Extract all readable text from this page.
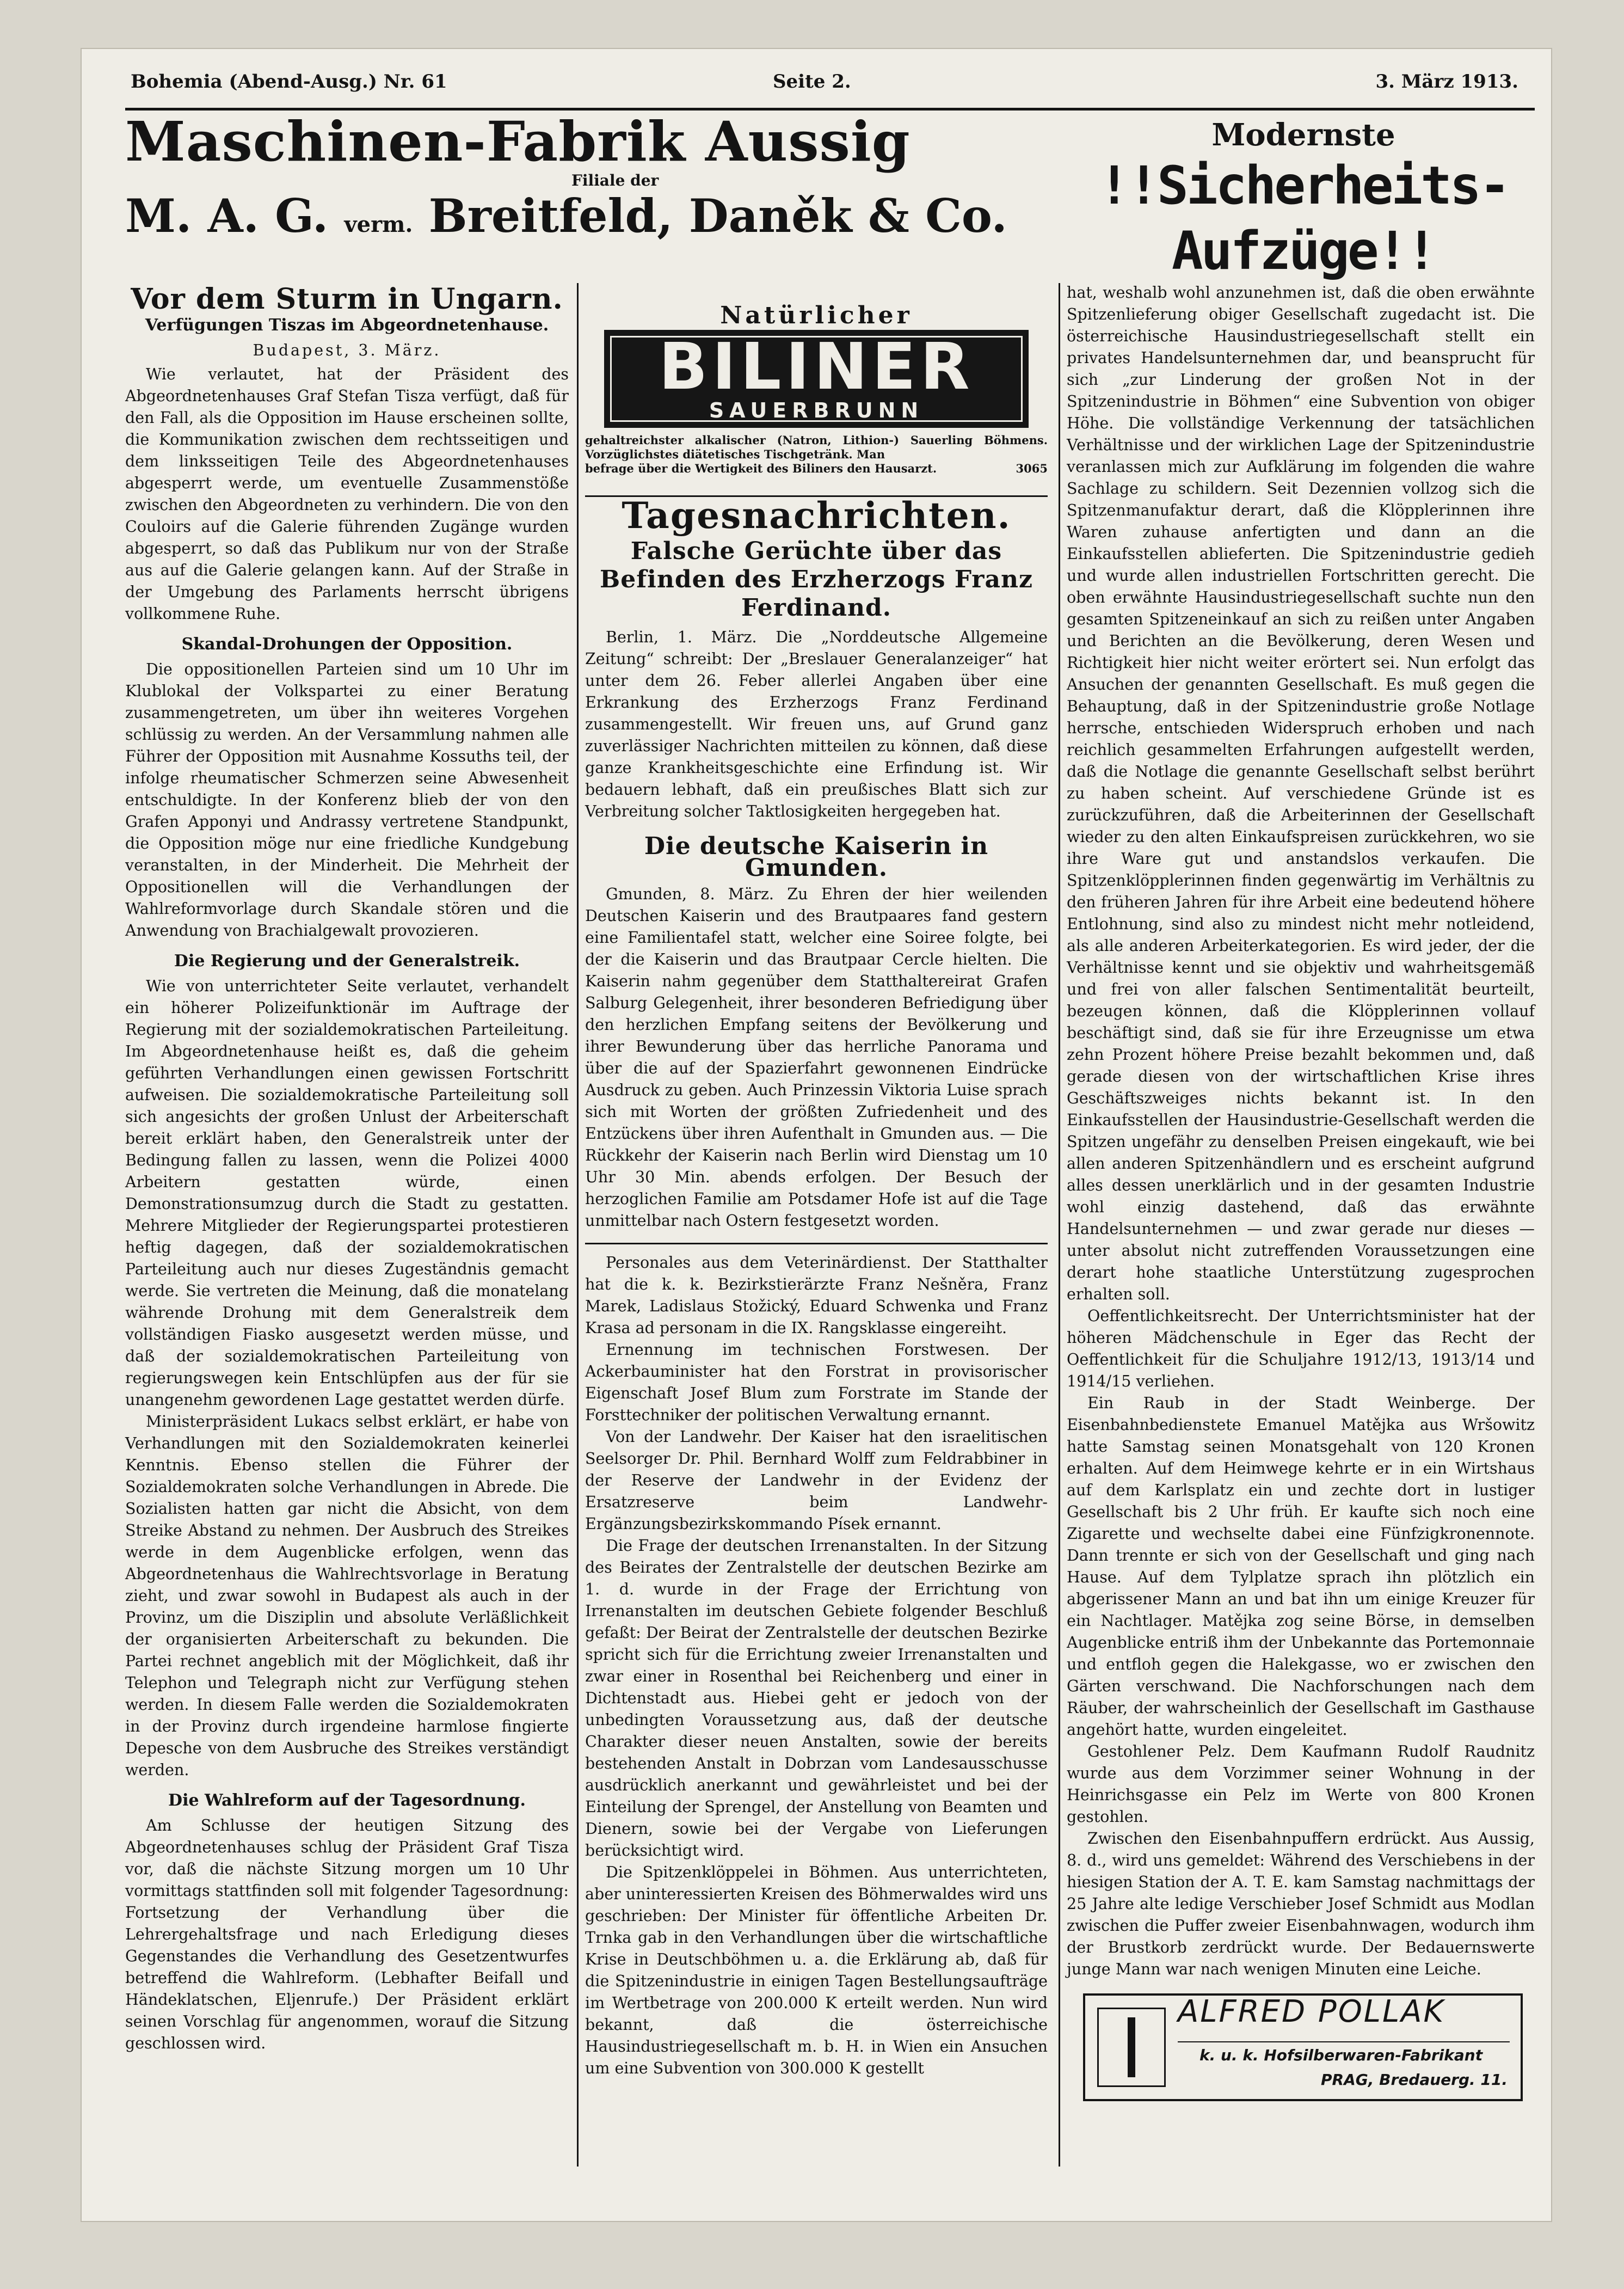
Bohemia (Abend-Ausg.) Nr. 61	Seite 2.	3. März 1913.
Maschinen-Fabrik Aussig
Filiale der
M. A. G. verm. Breitfeld, Daněk & Co.
Modernste
!!Sicherheits-Aufzüge!!
Vor dem Sturm in Ungarn.
Verfügungen Tiszas im Abgeordnetenhause.
Budapest, 3. März.

Wie verlautet, hat der Präsident des Abgeordnetenhauses Graf Stefan Tisza verfügt, daß für den Fall, als die Opposition im Hause erscheinen sollte, die Kommunikation zwischen dem rechtsseitigen und dem linksseitigen Teile des Abgeordnetenhauses abgesperrt werde, um eventuelle Zusammenstöße zwischen den Abgeordneten zu verhindern. Die von den Couloirs auf die Galerie führenden Zugänge wurden abgesperrt, so daß das Publikum nur von der Straße aus auf die Galerie gelangen kann. Auf der Straße in der Umgebung des Parlaments herrscht übrigens vollkommene Ruhe.

Skandal-Drohungen der Opposition.

Die oppositionellen Parteien sind um 10 Uhr im Klublokal der Volkspartei zu einer Beratung zusammengetreten, um über ihn weiteres Vorgehen schlüssig zu werden. An der Versammlung nahmen alle Führer der Opposition mit Ausnahme Kossuths teil, der infolge rheumatischer Schmerzen seine Abwesenheit entschuldigte. In der Konferenz blieb der von den Grafen Apponyi und Andrassy vertretene Standpunkt, die Opposition möge nur eine friedliche Kundgebung veranstalten, in der Minderheit. Die Mehrheit der Oppositionellen will die Verhandlungen der Wahlreformvorlage durch Skandale stören und die Anwendung von Brachialgewalt provozieren.

Die Regierung und der Generalstreik.

Wie von unterrichteter Seite verlautet, verhandelt ein höherer Polizeifunktionär im Auftrage der Regierung mit der sozialdemokratischen Parteileitung. Im Abgeordnetenhause heißt es, daß die geheim geführten Verhandlungen einen gewissen Fortschritt aufweisen. Die sozialdemokratische Parteileitung soll sich angesichts der großen Unlust der Arbeiterschaft bereit erklärt haben, den Generalstreik unter der Bedingung fallen zu lassen, wenn die Polizei 4000 Arbeitern gestatten würde, einen Demonstrationsumzug durch die Stadt zu gestatten. Mehrere Mitglieder der Regierungspartei protestieren heftig dagegen, daß der sozialdemokratischen Parteileitung auch nur dieses Zugeständnis gemacht werde. Sie vertreten die Meinung, daß die monatelang währende Drohung mit dem Generalstreik dem vollständigen Fiasko ausgesetzt werden müsse, und daß der sozialdemokratischen Parteileitung von regierungswegen kein Entschlüpfen aus der für sie unangenehm gewordenen Lage gestattet werden dürfe.

Ministerpräsident Lukacs selbst erklärt, er habe von Verhandlungen mit den Sozialdemokraten keinerlei Kenntnis. Ebenso stellen die Führer der Sozialdemokraten solche Verhandlungen in Abrede. Die Sozialisten hatten gar nicht die Absicht, von dem Streike Abstand zu nehmen. Der Ausbruch des Streikes werde in dem Augenblicke erfolgen, wenn das Abgeordnetenhaus die Wahlrechtsvorlage in Beratung zieht, und zwar sowohl in Budapest als auch in der Provinz, um die Disziplin und absolute Verläßlichkeit der organisierten Arbeiterschaft zu bekunden. Die Partei rechnet angeblich mit der Möglichkeit, daß ihr Telephon und Telegraph nicht zur Verfügung stehen werden. In diesem Falle werden die Sozialdemokraten in der Provinz durch irgendeine harmlose fingierte Depesche von dem Ausbruche des Streikes verständigt werden.

Die Wahlreform auf der Tagesordnung.

Am Schlusse der heutigen Sitzung des Abgeordnetenhauses schlug der Präsident Graf Tisza vor, daß die nächste Sitzung morgen um 10 Uhr vormittags stattfinden soll mit folgender Tagesordnung: Fortsetzung der Verhandlung über die Lehrergehaltsfrage und nach Erledigung dieses Gegenstandes die Verhandlung des Gesetzentwurfes betreffend die Wahlreform. (Lebhafter Beifall und Händeklatschen, Eljenrufe.) Der Präsident erklärt seinen Vorschlag für angenommen, worauf die Sitzung geschlossen wird.

Natürlicher
BILINER
SAUERBRUNN
gehaltreichster alkalischer (Natron, Lithion-) Sauerling Böhmens. Vorzüglichstes diätetisches Tischgetränk. Man
befrage über die Wertigkeit des Biliners den Hausarzt.	3065
Tagesnachrichten.
Falsche Gerüchte über das Befinden des Erzherzogs Franz Ferdinand.

Berlin, 1. März. Die „Norddeutsche Allgemeine Zeitung“ schreibt: Der „Breslauer Generalanzeiger“ hat unter dem 26. Feber allerlei Angaben über eine Erkrankung des Erzherzogs Franz Ferdinand zusammengestellt. Wir freuen uns, auf Grund ganz zuverlässiger Nachrichten mitteilen zu können, daß diese ganze Krankheitsgeschichte eine Erfindung ist. Wir bedauern lebhaft, daß ein preußisches Blatt sich zur Verbreitung solcher Taktlosigkeiten hergegeben hat.

Die deutsche Kaiserin in Gmunden.

Gmunden, 8. März. Zu Ehren der hier weilenden Deutschen Kaiserin und des Brautpaares fand gestern eine Familientafel statt, welcher eine Soiree folgte, bei der die Kaiserin und das Brautpaar Cercle hielten. Die Kaiserin nahm gegenüber dem Statthaltereirat Grafen Salburg Gelegenheit, ihrer besonderen Befriedigung über den herzlichen Empfang seitens der Bevölkerung und ihrer Bewunderung über das herrliche Panorama und über die auf der Spazierfahrt gewonnenen Eindrücke Ausdruck zu geben. Auch Prinzessin Viktoria Luise sprach sich mit Worten der größten Zufriedenheit und des Entzückens über ihren Aufenthalt in Gmunden aus. — Die Rückkehr der Kaiserin nach Berlin wird Dienstag um 10 Uhr 30 Min. abends erfolgen. Der Besuch der herzoglichen Familie am Potsdamer Hofe ist auf die Tage unmittelbar nach Ostern festgesetzt worden.

Personales aus dem Veterinärdienst. Der Statthalter hat die k. k. Bezirkstierärzte Franz Nešněra, Franz Marek, Ladislaus Stožický, Eduard Schwenka und Franz Krasa ad personam in die IX. Rangsklasse eingereiht.

Ernennung im technischen Forstwesen. Der Ackerbauminister hat den Forstrat in provisorischer Eigenschaft Josef Blum zum Forstrate im Stande der Forsttechniker der politischen Verwaltung ernannt.

Von der Landwehr. Der Kaiser hat den israelitischen Seelsorger Dr. Phil. Bernhard Wolff zum Feldrabbiner in der Reserve der Landwehr in der Evidenz der Ersatzreserve beim Landwehr-Ergänzungsbezirkskommando Písek ernannt.

Die Frage der deutschen Irrenanstalten. In der Sitzung des Beirates der Zentralstelle der deutschen Bezirke am 1. d. wurde in der Frage der Errichtung von Irrenanstalten im deutschen Gebiete folgender Beschluß gefaßt: Der Beirat der Zentralstelle der deutschen Bezirke spricht sich für die Errichtung zweier Irrenanstalten und zwar einer in Rosenthal bei Reichenberg und einer in Dichtenstadt aus. Hiebei geht er jedoch von der unbedingten Voraussetzung aus, daß der deutsche Charakter dieser neuen Anstalten, sowie der bereits bestehenden Anstalt in Dobrzan vom Landesausschusse ausdrücklich anerkannt und gewährleistet und bei der Einteilung der Sprengel, der Anstellung von Beamten und Dienern, sowie bei der Vergabe von Lieferungen berücksichtigt wird.

Die Spitzenklöppelei in Böhmen. Aus unterrichteten, aber uninteressierten Kreisen des Böhmerwaldes wird uns geschrieben: Der Minister für öffentliche Arbeiten Dr. Trnka gab in den Verhandlungen über die wirtschaftliche Krise in Deutschböhmen u. a. die Erklärung ab, daß für die Spitzenindustrie in einigen Tagen Bestellungsaufträge im Wertbetrage von 200.000 K erteilt werden. Nun wird bekannt, daß die österreichische Hausindustriegesellschaft m. b. H. in Wien ein Ansuchen um eine Subvention von 300.000 K gestellt

hat, weshalb wohl anzunehmen ist, daß die oben erwähnte Spitzenlieferung obiger Gesellschaft zugedacht ist. Die österreichische Hausindustriegesellschaft stellt ein privates Handelsunternehmen dar, und beansprucht für sich „zur Linderung der großen Not in der Spitzenindustrie in Böhmen“ eine Subvention von obiger Höhe. Die vollständige Verkennung der tatsächlichen Verhältnisse und der wirklichen Lage der Spitzenindustrie veranlassen mich zur Aufklärung im folgenden die wahre Sachlage zu schildern. Seit Dezennien vollzog sich die Spitzenmanufaktur derart, daß die Klöpplerinnen ihre Waren zuhause anfertigten und dann an die Einkaufsstellen ablieferten. Die Spitzenindustrie gedieh und wurde allen industriellen Fortschritten gerecht. Die oben erwähnte Hausindustriegesellschaft suchte nun den gesamten Spitzeneinkauf an sich zu reißen unter Angaben und Berichten an die Bevölkerung, deren Wesen und Richtigkeit hier nicht weiter erörtert sei. Nun erfolgt das Ansuchen der genannten Gesellschaft. Es muß gegen die Behauptung, daß in der Spitzenindustrie große Notlage herrsche, entschieden Widerspruch erhoben und nach reichlich gesammelten Erfahrungen aufgestellt werden, daß die Notlage die genannte Gesellschaft selbst berührt zu haben scheint. Auf verschiedene Gründe ist es zurückzuführen, daß die Arbeiterinnen der Gesellschaft wieder zu den alten Einkaufspreisen zurückkehren, wo sie ihre Ware gut und anstandslos verkaufen. Die Spitzenklöpplerinnen finden gegenwärtig im Verhältnis zu den früheren Jahren für ihre Arbeit eine bedeutend höhere Entlohnung, sind also zu mindest nicht mehr notleidend, als alle anderen Arbeiterkategorien. Es wird jeder, der die Verhältnisse kennt und sie objektiv und wahrheitsgemäß und frei von aller falschen Sentimentalität beurteilt, bezeugen können, daß die Klöpplerinnen vollauf beschäftigt sind, daß sie für ihre Erzeugnisse um etwa zehn Prozent höhere Preise bezahlt bekommen und, daß gerade diesen von der wirtschaftlichen Krise ihres Geschäftszweiges nichts bekannt ist. In den Einkaufsstellen der Hausindustrie-Gesellschaft werden die Spitzen ungefähr zu denselben Preisen eingekauft, wie bei allen anderen Spitzenhändlern und es erscheint aufgrund alles dessen unerklärlich und in der gesamten Industrie wohl einzig dastehend, daß das erwähnte Handelsunternehmen — und zwar gerade nur dieses — unter absolut nicht zutreffenden Voraussetzungen eine derart hohe staatliche Unterstützung zugesprochen erhalten soll.

Oeffentlichkeitsrecht. Der Unterrichtsminister hat der höheren Mädchenschule in Eger das Recht der Oeffentlichkeit für die Schuljahre 1912/13, 1913/14 und 1914/15 verliehen.

Ein Raub in der Stadt Weinberge. Der Eisenbahnbedienstete Emanuel Matějka aus Wršowitz hatte Samstag seinen Monatsgehalt von 120 Kronen erhalten. Auf dem Heimwege kehrte er in ein Wirtshaus auf dem Karlsplatz ein und zechte dort in lustiger Gesellschaft bis 2 Uhr früh. Er kaufte sich noch eine Zigarette und wechselte dabei eine Fünfzigkronennote. Dann trennte er sich von der Gesellschaft und ging nach Hause. Auf dem Tylplatze sprach ihn plötzlich ein abgerissener Mann an und bat ihn um einige Kreuzer für ein Nachtlager. Matějka zog seine Börse, in demselben Augenblicke entriß ihm der Unbekannte das Portemonnaie und entfloh gegen die Halekgasse, wo er zwischen den Gärten verschwand. Die Nachforschungen nach dem Räuber, der wahrscheinlich der Gesellschaft im Gasthause angehört hatte, wurden eingeleitet.

Gestohlener Pelz. Dem Kaufmann Rudolf Raudnitz wurde aus dem Vorzimmer seiner Wohnung in der Heinrichsgasse ein Pelz im Werte von 800 Kronen gestohlen.

Zwischen den Eisenbahnpuffern erdrückt. Aus Aussig, 8. d., wird uns gemeldet: Während des Verschiebens in der hiesigen Station der A. T. E. kam Samstag nachmittags der 25 Jahre alte ledige Verschieber Josef Schmidt aus Modlan zwischen die Puffer zweier Eisenbahnwagen, wodurch ihm der Brustkorb zerdrückt wurde. Der Bedauernswerte junge Mann war nach wenigen Minuten eine Leiche.

ALFRED POLLAK
k. u. k. Hofsilberwaren-Fabrikant
PRAG, Bredauerg. 11.
